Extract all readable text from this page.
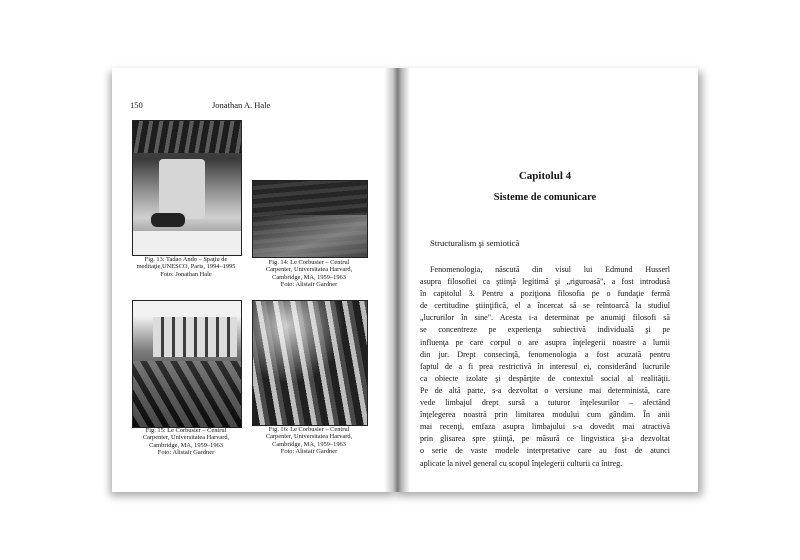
150	Jonathan A. Hale
Fig. 13: Tadao Ando – Spaţiu de
meditaţie,UNESCO, Paris, 1994–1995
Foto: Jonathan Hale
Fig. 14: Le Corbusier – Centrul
Carpenter, Universitatea Harvard,
Cambridge, MA, 1959–1963
Foto: Alistair Gardner
Fig. 15: Le Corbusier – Centrul
Carpenter, Universitatea Harvard,
Cambridge, MA, 1959–1963
Foto: Alistair Gardner
Fig. 16: Le Corbusier – Centrul
Carpenter, Universitatea Harvard,
Cambridge, MA, 1959–1963
Foto: Alistair Gardner
Capitolul 4
Sisteme de comunicare
Structuralism şi semiotică
Fenomenologia, născută din visul lui Edmund Husserl
asupra filosofiei ca ştiinţă legitimă şi „riguroasă", a fost introdusă
în capitolul 3. Pentru a poziţiona filosofia pe o fundaţie fermă
de certitudine ştiinţifică, el a încercat să se reîntoarcă la studiul
„lucrurilor în sine". Acesta i-a determinat pe anumiţi filosofi să
se concentreze pe experienţa subiectivă individuală şi pe
influenţa pe care corpul o are asupra înţelegerii noastre a lumii
din jur. Drept consecinţă, fenomenologia a fost acuzată pentru
faptul de a fi prea restrictivă în interesul ei, considerând lucrurile
ca obiecte izolate şi despărţite de contextul social al realităţii.
Pe de altă parte, s-a dezvoltat o versiune mai deterministă, care
vede limbajul drept sursă a tuturor înţelesurilor – afectând
înţelegerea noastră prin limitarea modului cum gândim. În anii
mai recenţi, emfaza asupra limbajului s-a dovedit mai atractivă
prin glisarea spre ştiinţă, pe măsură ce lingvistica şi-a dezvoltat
o serie de vaste modele interpretative care au fost de atunci
aplicate la nivel general cu scopul înţelegerii culturii ca întreg.
